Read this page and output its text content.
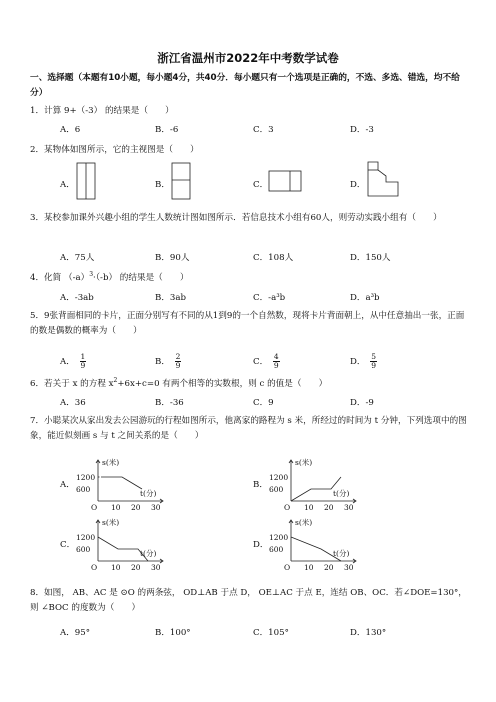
浙江省温州市2022年中考数学试卷
一、选择题（本题有10小题，每小题4分，共40分．每小题只有一个选项是正确的，不选、多选、错选，均不给分）
1．计算 9+（-3） 的结果是（　　）
A．6	B．-6	C．3	D．-3
2．某物体如图所示，它的主视图是（　　）
A．	B．	C．	D．
3．某校参加课外兴趣小组的学生人数统计图如图所示．若信息技术小组有60人，则劳动实践小组有（　　）
A．75人	B．90人	C．108人	D．150人
4．化简 $(-a)^3\cdot(-b)$ 的结果是（　　）
A．-3ab	B．3ab	C．-a³b	D．a³b
5．9张背面相同的卡片，正面分别写有不同的从1到9的一个自然数，现将卡片背面朝上，从中任意抽出一张，正面的数是偶数的概率为（　　）
A． $\frac{1}{9}$	B． $\frac{2}{9}$	C． $\frac{4}{9}$	D． $\frac{5}{9}$
6．若关于 x 的方程 $x^2+6x+c=0$ 有两个相等的实数根，则 c 的值是（　　）
A．36	B．-36	C．9	D．-9
7．小聪某次从家出发去公园游玩的行程如图所示，他离家的路程为 s 米，所经过的时间为 t 分钟，下列选项中的图象，能近似刻画 s 与 t 之间关系的是（　　）
A．
s(米)
t(分)
1200
600
O 10 20 30
B．
s(米)
t(分)
1200
600
O 10 20 30
C．
s(米)
t(分)
1200
600
O 10 20 30
D．
s(米)
t(分)
1200
600
O 10 20 30
8．如图， AB、AC 是 ⊙O 的两条弦， OD⊥AB 于点 D， OE⊥AC 于点 E，连结 OB、OC．若∠DOE=130°，则 ∠BOC 的度数为（　　）
A．95°	B．100°	C．105°	D．130°
